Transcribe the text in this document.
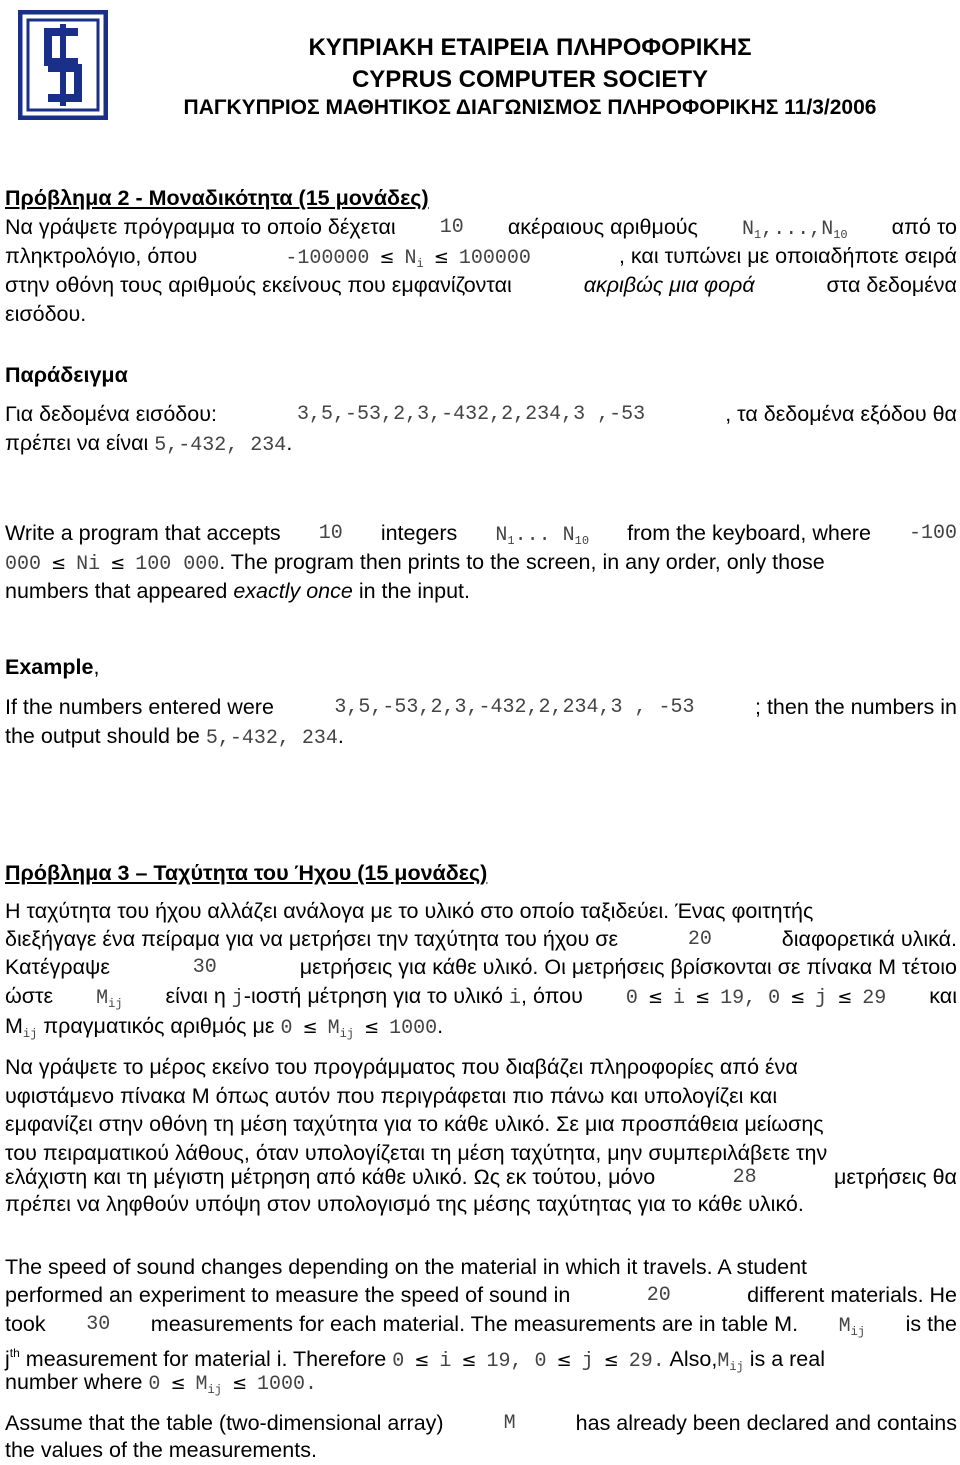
ΚΥΠΡΙΑΚΗ ΕΤΑΙΡΕΙΑ ΠΛΗΡΟΦΟΡΙΚΗΣ
CYPRUS COMPUTER SOCIETY
ΠΑΓΚΥΠΡΙΟΣ ΜΑΘΗΤΙΚΟΣ ΔΙΑΓΩΝΙΣΜΟΣ ΠΛΗΡΟΦΟΡΙΚΗΣ 11/3/2006
Πρόβλημα 2 - Μοναδικότητα (15 μονάδες)
Να γράψετε πρόγραμμα το οποίο δέχεται 10 ακέραιους αριθμούς $N_1,...,N_{10}$ από το
πληκτρολόγιο, όπου	$-100000 \le N_i \le 100000$	, και τυπώνει με οποιαδήποτε σειρά
στην οθόνη τους αριθμούς εκείνους που εμφανίζονται	ακριβώς μια φορά	στα δεδομένα
εισόδου.
Παράδειγμα
Για δεδομένα εισόδου:	3,5,-53,2,3,-432,2,234,3 ,-53	, τα δεδομένα εξόδου θα
πρέπει να είναι 5,-432, 234.
Write a program that accepts 10 integers $N_1$... $N_{10}$ from the keyboard, where -100
000 ≤ Ni ≤ 100 000. The program then prints to the screen, in any order, only those
numbers that appeared exactly once in the input.
Example,
If the numbers entered were	3,5,-53,2,3,-432,2,234,3 , -53	; then the numbers in
the output should be 5,-432, 234.
Πρόβλημα 3 – Ταχύτητα του Ήχου (15 μονάδες)
Η ταχύτητα του ήχου αλλάζει ανάλογα με το υλικό στο οποίο ταξιδεύει. Ένας φοιτητής
διεξήγαγε ένα πείραμα για να μετρήσει την ταχύτητα του ήχου σε	20	διαφορετικά υλικά.
Κατέγραψε	30	μετρήσεις για κάθε υλικό. Οι μετρήσεις βρίσκονται σε πίνακα M τέτοιο
ώστε $M_{ij}$ είναι η j-ιοστή μέτρηση για το υλικό i, όπου 0 ≤ i ≤ 19, 0 ≤ j ≤ 29 και
$M_{ij}$ πραγματικός αριθμός με $0 \le M_{ij} \le 1000$.
Να γράψετε το μέρος εκείνο του προγράμματος που διαβάζει πληροφορίες από ένα
υφιστάμενο πίνακα M όπως αυτόν που περιγράφεται πιο πάνω και υπολογίζει και
εμφανίζει στην οθόνη τη μέση ταχύτητα για το κάθε υλικό. Σε μια προσπάθεια μείωσης
του πειραματικού λάθους, όταν υπολογίζεται τη μέση ταχύτητα, μην συμπεριλάβετε την
ελάχιστη και τη μέγιστη μέτρηση από κάθε υλικό. Ως εκ τούτου, μόνο	28	μετρήσεις θα
πρέπει να ληφθούν υπόψη στον υπολογισμό της μέσης ταχύτητας για το κάθε υλικό.
The speed of sound changes depending on the material in which it travels. A student
performed an experiment to measure the speed of sound in	20	different materials. He
took 30 measurements for each material. The measurements are in table M. $M_{ij}$ is the
$j^{th}$ measurement for material i. Therefore 0 ≤ i ≤ 19, 0 ≤ j ≤ 29. $Also,M_{ij}$ is a real
number where $0 \le M_{ij} \le 1000$.
Assume that the table (two-dimensional array)	M	has already been declared and contains
the values of the measurements.
